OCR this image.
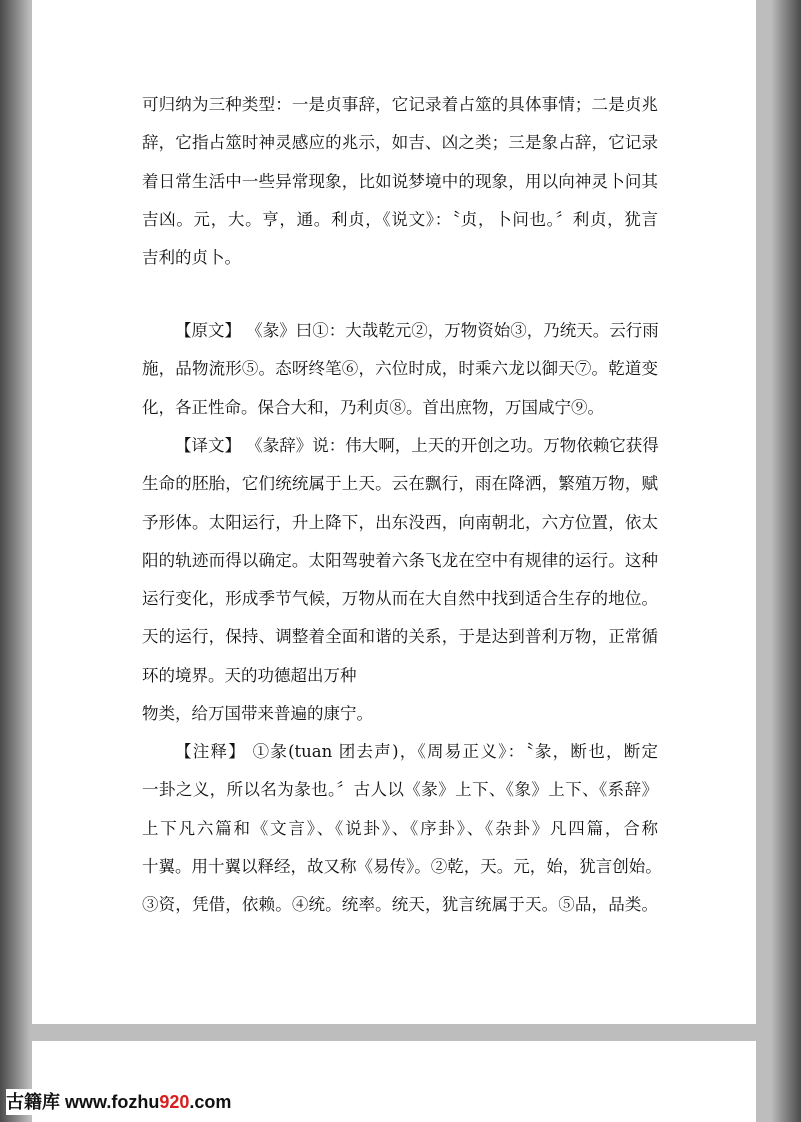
可归纳为三种类型：一是贞事辞，它记录着占筮的具体事情；二是贞兆
辞，它指占筮时神灵感应的兆示，如吉、凶之类；三是象占辞，它记录
着日常生活中一些异常现象，比如说梦境中的现象，用以向神灵卜问其
吉凶。元，大。亨，通。利贞，《说文》：〝贞，卜问也。〞利贞，犹言
吉利的贞卜。
【原文】 《彖》曰①：大哉乾元②，万物资始③，乃统天。云行雨
施，品物流形⑤。态呀终笔⑥，六位时成，时乘六龙以御天⑦。乾道变
化，各正性命。保合大和，乃利贞⑧。首出庶物，万国咸宁⑨。
【译文】 《彖辞》说：伟大啊，上天的开创之功。万物依赖它获得
生命的胚胎，它们统统属于上天。云在飘行，雨在降洒，繁殖万物，赋
予形体。太阳运行，升上降下，出东没西，向南朝北，六方位置，依太
阳的轨迹而得以确定。太阳驾驶着六条飞龙在空中有规律的运行。这种
运行变化，形成季节气候，万物从而在大自然中找到适合生存的地位。
天的运行，保持、调整着全面和谐的关系，于是达到普利万物，正常循
环的境界。天的功德超出万种
物类，给万国带来普遍的康宁。
【注释】 ①彖(tuan 团去声)，《周易正义》：〝彖，断也，断定
一卦之义，所以名为彖也。〞古人以《彖》上下、《象》上下、《系辞》
上下凡六篇和《文言》、《说卦》、《序卦》、《杂卦》凡四篇，合称
十翼。用十翼以释经，故又称《易传》。②乾，天。元，始，犹言创始。
③资，凭借，依赖。④统。统率。统天，犹言统属于天。⑤品，品类。
古籍库 www.fozhu920.com
